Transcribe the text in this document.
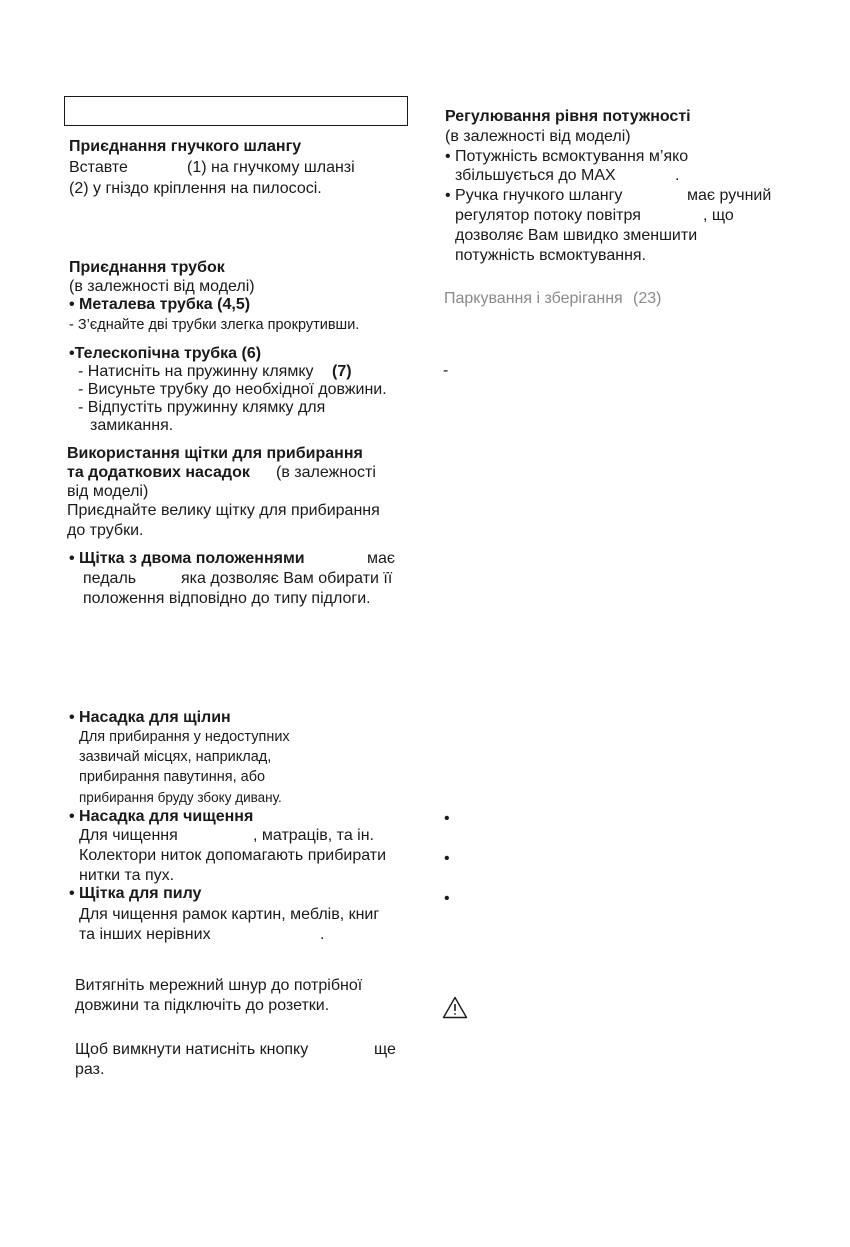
Приєднання гнучкого шлангу
Вставте	(1) на гнучкому шланзі
(2) у гніздо кріплення на пилососі.
Приєднання трубок
(в залежності від моделі)
• Металева трубка (4,5)
- З’єднайте дві трубки злегка прокрутивши.
•Телескопічна трубка (6)
- Натисніть на пружинну клямку (7)
- Висуньте трубку до необхідної довжини.
- Відпустіть пружинну клямку для
замикання.
Використання щітки для прибирання
та додаткових насадок (в залежності
від моделі)
Приєднайте велику щітку для прибирання
до трубки.
• Щітка з двома положеннями	має
педаль	яка дозволяє Вам обирати її
положення відповідно до типу підлоги.
• Насадка для щілин
Для прибирання у недоступних
зазвичай місцях, наприклад,
прибирання павутиння, або
прибирання бруду збоку дивану.
• Насадка для чищення
Для чищення	, матраців, та ін.
Колектори ниток допомагають прибирати
нитки та пух.
• Щітка для пилу
Для чищення рамок картин, меблів, книг
та інших нерівних	.
Витягніть мережний шнур до потрібної
довжини та підключіть до розетки.
Щоб вимкнути натисніть кнопку	ще
раз.
Регулювання рівня потужності
(в залежності від моделі)
• Потужність всмоктування м’яко
збільшується до MAX	.
• Ручка гнучкого шлангу	має ручний
регулятор потоку повітря	, що
дозволяє Вам швидко зменшити
потужність всмоктування.
Паркування і зберігання (23)
-
•
•
•
